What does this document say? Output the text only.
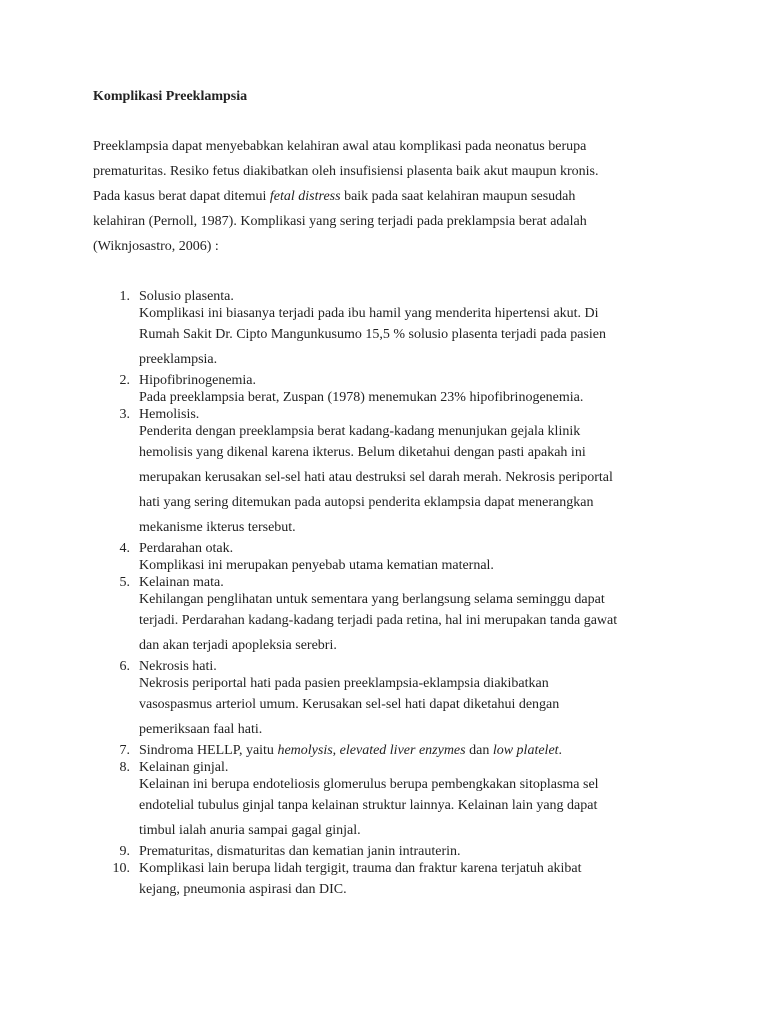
Komplikasi Preeklampsia
Preeklampsia dapat menyebabkan kelahiran awal atau komplikasi pada neonatus berupa
prematuritas. Resiko fetus diakibatkan oleh insufisiensi plasenta baik akut maupun kronis.
Pada kasus berat dapat ditemui fetal distress baik pada saat kelahiran maupun sesudah
kelahiran (Pernoll, 1987). Komplikasi yang sering terjadi pada preklampsia berat adalah
(Wiknjosastro, 2006) :
1. Solusio plasenta.
Komplikasi ini biasanya terjadi pada ibu hamil yang menderita hipertensi akut. Di
Rumah Sakit Dr. Cipto Mangunkusumo 15,5 % solusio plasenta terjadi pada pasien
preeklampsia.
2. Hipofibrinogenemia.
Pada preeklampsia berat, Zuspan (1978) menemukan 23% hipofibrinogenemia.
3. Hemolisis.
Penderita dengan preeklampsia berat kadang-kadang menunjukan gejala klinik
hemolisis yang dikenal karena ikterus. Belum diketahui dengan pasti apakah ini
merupakan kerusakan sel-sel hati atau destruksi sel darah merah. Nekrosis periportal
hati yang sering ditemukan pada autopsi penderita eklampsia dapat menerangkan
mekanisme ikterus tersebut.
4. Perdarahan otak.
Komplikasi ini merupakan penyebab utama kematian maternal.
5. Kelainan mata.
Kehilangan penglihatan untuk sementara yang berlangsung selama seminggu dapat
terjadi. Perdarahan kadang-kadang terjadi pada retina, hal ini merupakan tanda gawat
dan akan terjadi apopleksia serebri.
6. Nekrosis hati.
Nekrosis periportal hati pada pasien preeklampsia-eklampsia diakibatkan
vasospasmus arteriol umum. Kerusakan sel-sel hati dapat diketahui dengan
pemeriksaan faal hati.
7. Sindroma HELLP, yaitu hemolysis, elevated liver enzymes dan low platelet.
8. Kelainan ginjal.
Kelainan ini berupa endoteliosis glomerulus berupa pembengkakan sitoplasma sel
endotelial tubulus ginjal tanpa kelainan struktur lainnya. Kelainan lain yang dapat
timbul ialah anuria sampai gagal ginjal.
9. Prematuritas, dismaturitas dan kematian janin intrauterin.
10. Komplikasi lain berupa lidah tergigit, trauma dan fraktur karena terjatuh akibat
kejang, pneumonia aspirasi dan DIC.
